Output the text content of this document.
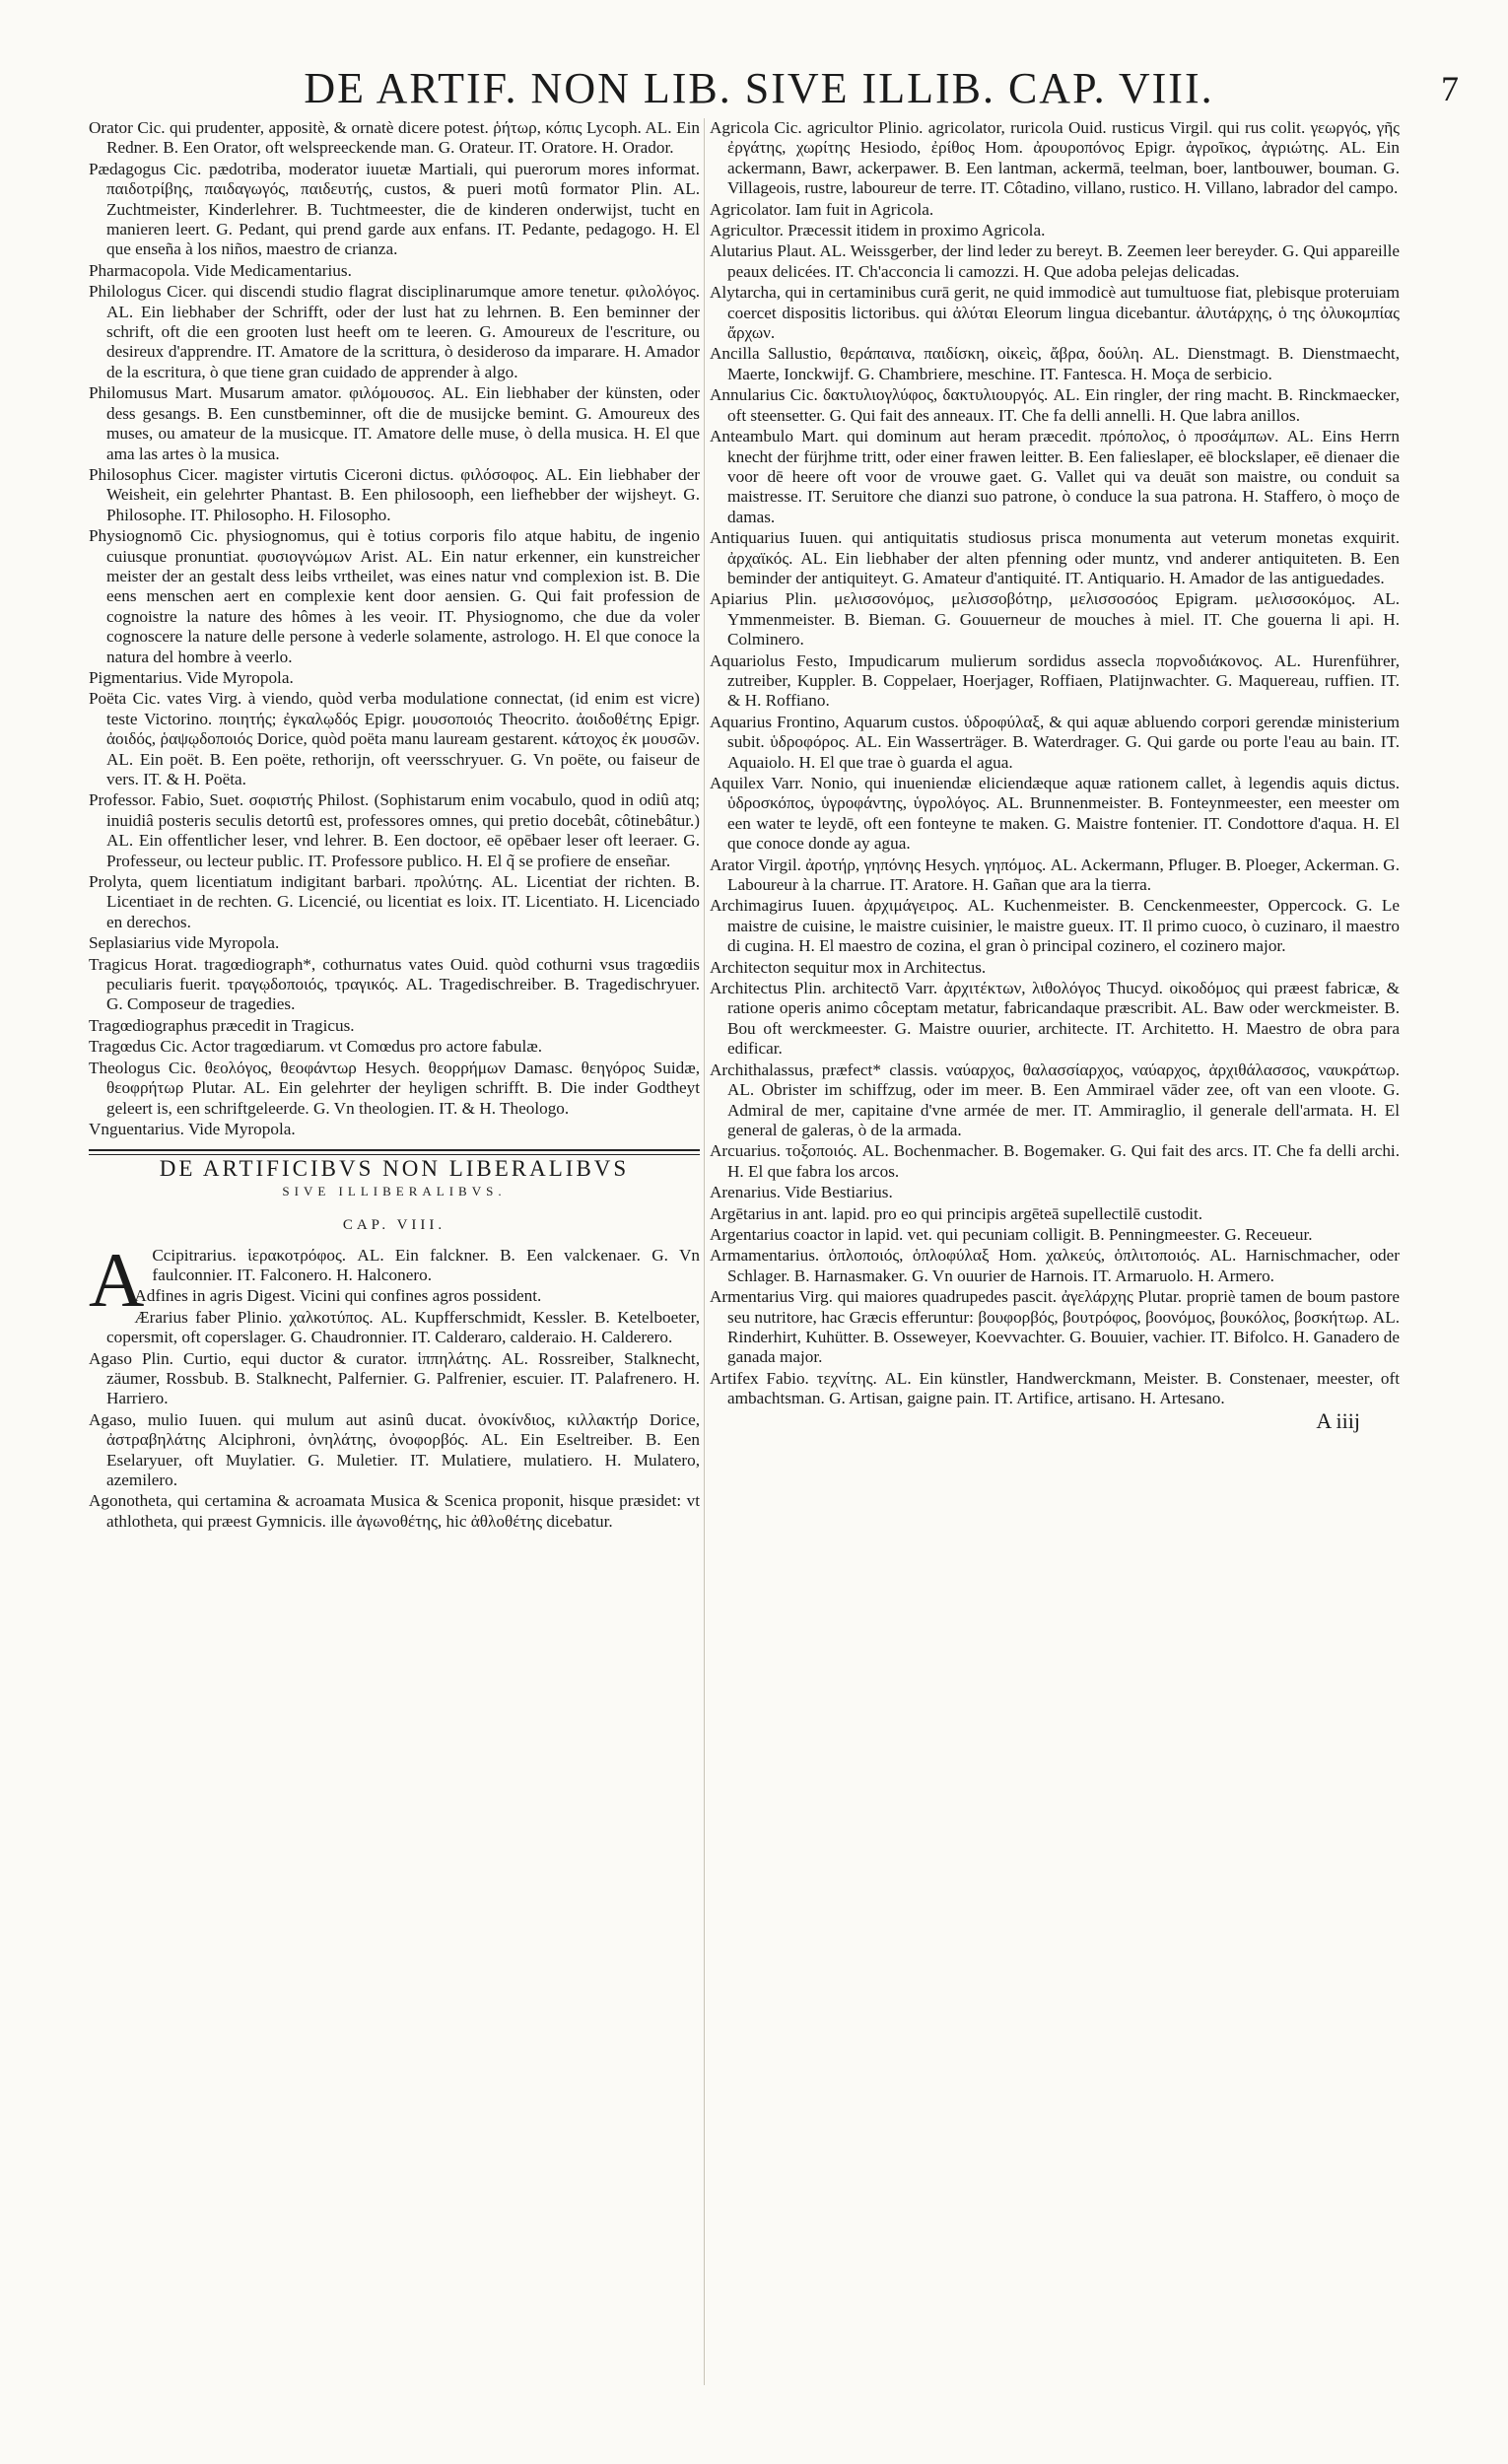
DE ARTIF. NON LIB. SIVE ILLIB. CAP. VIII.	7

Orator Cic. qui prudenter, appositè, & ornatè dicere potest. ῥήτωρ, κόπις Lycoph. AL. Ein Redner. B. Een Orator, oft welspreeckende man. G. Orateur. IT. Oratore. H. Orador.

Pædagogus Cic. pædotriba, moderator iuuetæ Martiali, qui puerorum mores informat. παιδοτρίβης, παιδαγωγός, παιδευτής, custos, & pueri motû formator Plin. AL. Zuchtmeister, Kinderlehrer. B. Tuchtmeester, die de kinderen onderwijst, tucht en manieren leert. G. Pedant, qui prend garde aux enfans. IT. Pedante, pedagogo. H. El que enseña à los niños, maestro de crianza.

Pharmacopola. Vide Medicamentarius.

Philologus Cicer. qui discendi studio flagrat disciplinarumque amore tenetur. φιλολόγος. AL. Ein liebhaber der Schrifft, oder der lust hat zu lehrnen. B. Een beminner der schrift, oft die een grooten lust heeft om te leeren. G. Amoureux de l'escriture, ou desireux d'apprendre. IT. Amatore de la scrittura, ò desideroso da imparare. H. Amador de la escritura, ò que tiene gran cuidado de apprender à algo.

Philomusus Mart. Musarum amator. φιλόμουσος. AL. Ein liebhaber der künsten, oder dess gesangs. B. Een cunstbeminner, oft die de musijcke bemint. G. Amoureux des muses, ou amateur de la musicque. IT. Amatore delle muse, ò della musica. H. El que ama las artes ò la musica.

Philosophus Cicer. magister virtutis Ciceroni dictus. φιλόσοφος. AL. Ein liebhaber der Weisheit, ein gelehrter Phantast. B. Een philosooph, een liefhebber der wijsheyt. G. Philosophe. IT. Philosopho. H. Filosopho.

Physiognomō Cic. physiognomus, qui è totius corporis filo atque habitu, de ingenio cuiusque pronuntiat. φυσιογνώμων Arist. AL. Ein natur erkenner, ein kunstreicher meister der an gestalt dess leibs vrtheilet, was eines natur vnd complexion ist. B. Die eens menschen aert en complexie kent door aensien. G. Qui fait profession de cognoistre la nature des hômes à les veoir. IT. Physiognomo, che due da voler cognoscere la nature delle persone à vederle solamente, astrologo. H. El que conoce la natura del hombre à veerlo.

Pigmentarius. Vide Myropola.

Poëta Cic. vates Virg. à viendo, quòd verba modulatione connectat, (id enim est vicre) teste Victorino. ποιητής; ἐγκαλῳδός Epigr. μουσοποιός Theocrito. ἀοιδοθέτης Epigr. ἀοιδός, ῥαψῳδοποιός Dorice, quòd poëta manu lauream gestarent. κάτοχος ἐκ μουσῶν. AL. Ein poët. B. Een poëte, rethorijn, oft veersschryuer. G. Vn poëte, ou faiseur de vers. IT. & H. Poëta.

Professor. Fabio, Suet. σοφιστής Philost. (Sophistarum enim vocabulo, quod in odiû atq; inuidiâ posteris seculis detortû est, professores omnes, qui pretio docebât, côtinebâtur.) AL. Ein offentlicher leser, vnd lehrer. B. Een doctoor, eē opēbaer leser oft leeraer. G. Professeur, ou lecteur public. IT. Professore publico. H. El q̃ se profiere de enseñar.

Prolyta, quem licentiatum indigitant barbari. προλύτης. AL. Licentiat der richten. B. Licentiaet in de rechten. G. Licencié, ou licentiat es loix. IT. Licentiato. H. Licenciado en derechos.

Seplasiarius vide Myropola.

Tragicus Horat. tragœdiograph*, cothurnatus vates Ouid. quòd cothurni vsus tragœdiis peculiaris fuerit. τραγῳδοποιός, τραγικός. AL. Tragedischreiber. B. Tragedischryuer. G. Composeur de tragedies.

Tragœdiographus præcedit in Tragicus.

Tragœdus Cic. Actor tragœdiarum. vt Comœdus pro actore fabulæ.

Theologus Cic. θεολόγος, θεοφάντωρ Hesych. θεορρήμων Damasc. θεηγόρος Suidæ, θεοφρήτωρ Plutar. AL. Ein gelehrter der heyligen schrifft. B. Die inder Godtheyt geleert is, een schriftgeleerde. G. Vn theologien. IT. & H. Theologo.

Vnguentarius. Vide Myropola.

DE ARTIFICIBVS NON LIBERALIBVS
SIVE ILLIBERALIBVS.
CAP. VIII.

A Ccipitrarius. ἱερακοτρόφος. AL. Ein falckner. B. Een valckenaer. G. Vn faulconnier. IT. Falconero. H. Halconero.

Adfines in agris Digest. Vicini qui confines agros possident.

Ærarius faber Plinio. χαλκοτύπος. AL. Kupfferschmidt, Kessler. B. Ketelboeter, copersmit, oft coperslager. G. Chaudronnier. IT. Calderaro, calderaio. H. Calderero.

Agaso Plin. Curtio, equi ductor & curator. ἱππηλάτης. AL. Rossreiber, Stalknecht, zäumer, Rossbub. B. Stalknecht, Palfernier. G. Palfrenier, escuier. IT. Palafrenero. H. Harriero.

Agaso, mulio Iuuen. qui mulum aut asinû ducat. ὀνοκίνδιος, κιλλακτήρ Dorice, ἀστραβηλάτης Alciphroni, ὀνηλάτης, ὀνοφορβός. AL. Ein Eseltreiber. B. Een Eselaryuer, oft Muylatier. G. Muletier. IT. Mulatiere, mulatiero. H. Mulatero, azemilero.

Agonotheta, qui certamina & acroamata Musica & Scenica proponit, hisque præsidet: vt athlotheta, qui præest Gymnicis. ille ἀγωνοθέτης, hic ἀθλοθέτης dicebatur.

Agricola Cic. agricultor Plinio. agricolator, ruricola Ouid. rusticus Virgil. qui rus colit. γεωργός, γῆς ἐργάτης, χωρίτης Hesiodo, ἐρίθος Hom. ἀρουροπόνος Epigr. ἀγροῖκος, ἀγριώτης. AL. Ein ackermann, Bawr, ackerpawer. B. Een lantman, ackermā, teelman, boer, lantbouwer, bouman. G. Villageois, rustre, laboureur de terre. IT. Côtadino, villano, rustico. H. Villano, labrador del campo.

Agricolator. Iam fuit in Agricola.

Agricultor. Præcessit itidem in proximo Agricola.

Alutarius Plaut. AL. Weissgerber, der lind leder zu bereyt. B. Zeemen leer bereyder. G. Qui appareille peaux delicées. IT. Ch'acconcia li camozzi. H. Que adoba pelejas delicadas.

Alytarcha, qui in certaminibus curā gerit, ne quid immodicè aut tumultuose fiat, plebisque proteruiam coercet dispositis lictoribus. qui ἀλύται Eleorum lingua dicebantur. ἀλυτάρχης, ὁ της ὀλυκομπίας ἄρχων.

Ancilla Sallustio, θεράπαινα, παιδίσκη, οἰκεὶς, ἄβρα, δούλη. AL. Dienstmagt. B. Dienstmaecht, Maerte, Ionckwijf. G. Chambriere, meschine. IT. Fantesca. H. Moça de serbicio.

Annularius Cic. δακτυλιογλύφος, δακτυλιουργός. AL. Ein ringler, der ring macht. B. Rinckmaecker, oft steensetter. G. Qui fait des anneaux. IT. Che fa delli annelli. H. Que labra anillos.

Anteambulo Mart. qui dominum aut heram præcedit. πρόπολος, ὁ προσάμπων. AL. Eins Herrn knecht der fürjhme tritt, oder einer frawen leitter. B. Een falieslaper, eē blockslaper, eē dienaer die voor dē heere oft voor de vrouwe gaet. G. Vallet qui va deuāt son maistre, ou conduit sa maistresse. IT. Seruitore che dianzi suo patrone, ò conduce la sua patrona. H. Staffero, ò moço de damas.

Antiquarius Iuuen. qui antiquitatis studiosus prisca monumenta aut veterum monetas exquirit. ἀρχαϊκός. AL. Ein liebhaber der alten pfenning oder muntz, vnd anderer antiquiteten. B. Een beminder der antiquiteyt. G. Amateur d'antiquité. IT. Antiquario. H. Amador de las antiguedades.

Apiarius Plin. μελισσονόμος, μελισσοβότηρ, μελισσοσόος Epigram. μελισσοκόμος. AL. Ymmenmeister. B. Bieman. G. Gouuerneur de mouches à miel. IT. Che gouerna li api. H. Colminero.

Aquariolus Festo, Impudicarum mulierum sordidus assecla πορνοδιάκονος. AL. Hurenführer, zutreiber, Kuppler. B. Coppelaer, Hoerjager, Roffiaen, Platijnwachter. G. Maquereau, ruffien. IT. & H. Roffiano.

Aquarius Frontino, Aquarum custos. ὑδροφύλαξ, & qui aquæ abluendo corpori gerendæ ministerium subit. ὑδροφόρος. AL. Ein Wasserträger. B. Waterdrager. G. Qui garde ou porte l'eau au bain. IT. Aquaiolo. H. El que trae ò guarda el agua.

Aquilex Varr. Nonio, qui inueniendæ eliciendæque aquæ rationem callet, à legendis aquis dictus. ὑδροσκόπος, ὑγροφάντης, ὑγρολόγος. AL. Brunnenmeister. B. Fonteynmeester, een meester om een water te leydē, oft een fonteyne te maken. G. Maistre fontenier. IT. Condottore d'aqua. H. El que conoce donde ay agua.

Arator Virgil. ἀροτήρ, γηπόνης Hesych. γηπόμος. AL. Ackermann, Pfluger. B. Ploeger, Ackerman. G. Laboureur à la charrue. IT. Aratore. H. Gañan que ara la tierra.

Archimagirus Iuuen. ἀρχιμάγειρος. AL. Kuchenmeister. B. Cenckenmeester, Oppercock. G. Le maistre de cuisine, le maistre cuisinier, le maistre gueux. IT. Il primo cuoco, ò cuzinaro, il maestro di cugina. H. El maestro de cozina, el gran ò principal cozinero, el cozinero major.

Architecton sequitur mox in Architectus.

Architectus Plin. architectō Varr. ἀρχιτέκτων, λιθολόγος Thucyd. οἰκοδόμος qui præest fabricæ, & ratione operis animo côceptam metatur, fabricandaque præscribit. AL. Baw oder werckmeister. B. Bou oft werckmeester. G. Maistre ouurier, architecte. IT. Architetto. H. Maestro de obra para edificar.

Archithalassus, præfect* classis. ναύαρχος, θαλασσίαρχος, ναύαρχος, ἀρχιθάλασσος, ναυκράτωρ. AL. Obrister im schiffzug, oder im meer. B. Een Ammirael vāder zee, oft van een vloote. G. Admiral de mer, capitaine d'vne armée de mer. IT. Ammiraglio, il generale dell'armata. H. El general de galeras, ò de la armada.

Arcuarius. τοξοποιός. AL. Bochenmacher. B. Bogemaker. G. Qui fait des arcs. IT. Che fa delli archi. H. El que fabra los arcos.

Arenarius. Vide Bestiarius.

Argētarius in ant. lapid. pro eo qui principis argēteā supellectilē custodit.

Argentarius coactor in lapid. vet. qui pecuniam colligit. B. Penningmeester. G. Receueur.

Armamentarius. ὁπλοποιός, ὁπλοφύλαξ Hom. χαλκεύς, ὁπλιτοποιός. AL. Harnischmacher, oder Schlager. B. Harnasmaker. G. Vn ouurier de Harnois. IT. Armaruolo. H. Armero.

Armentarius Virg. qui maiores quadrupedes pascit. ἀγελάρχης Plutar. propriè tamen de boum pastore seu nutritore, hac Græcis efferuntur: βουφορβός, βουτρόφος, βοονόμος, βουκόλος, βοσκήτωρ. AL. Rinderhirt, Kuhütter. B. Osseweyer, Koevvachter. G. Bouuier, vachier. IT. Bifolco. H. Ganadero de ganada major.

Artifex Fabio. τεχνίτης. AL. Ein künstler, Handwerckmann, Meister. B. Constenaer, meester, oft ambachtsman. G. Artisan, gaigne pain. IT. Artifice, artisano. H. Artesano.

A iiij
